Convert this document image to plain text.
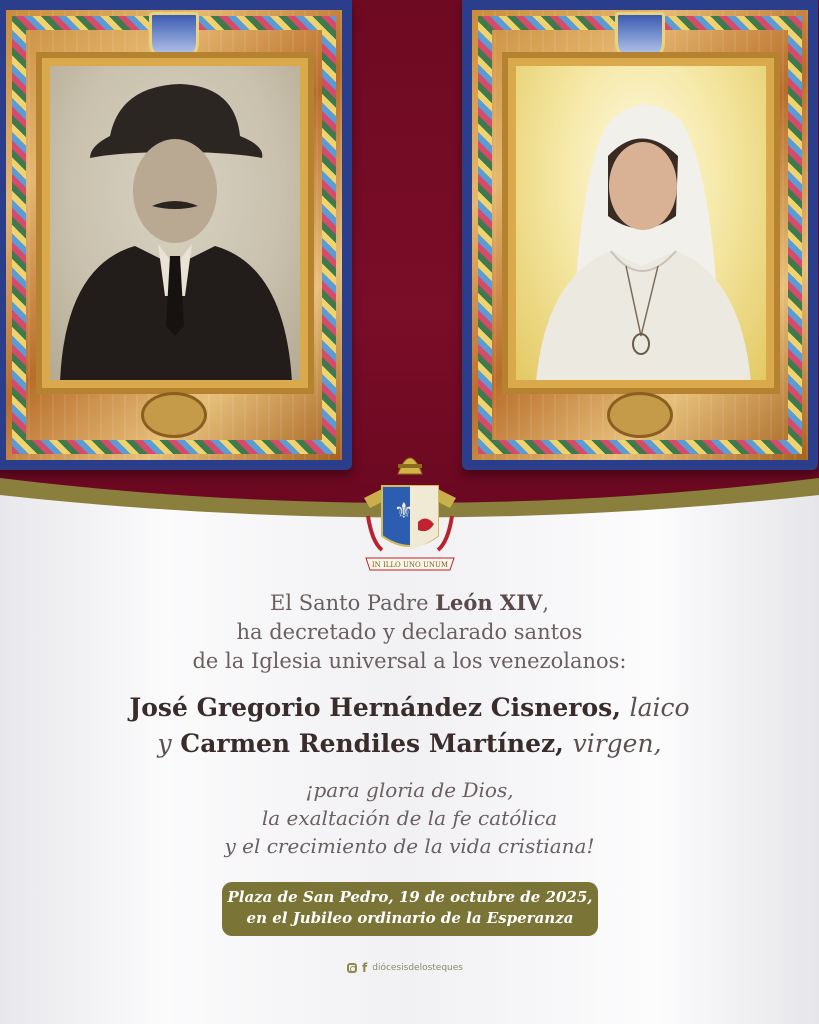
⚜
IN ILLO UNO UNUM
El Santo Padre León XIV,
ha decretado y declarado santos
de la Iglesia universal a los venezolanos:
José Gregorio Hernández Cisneros, laico
y Carmen Rendiles Martínez, virgen,
¡para gloria de Dios,
la exaltación de la fe católica
y el crecimiento de la vida cristiana!
Plaza de San Pedro, 19 de octubre de 2025,
en el Jubileo ordinario de la Esperanza
f diócesisdelosteques
